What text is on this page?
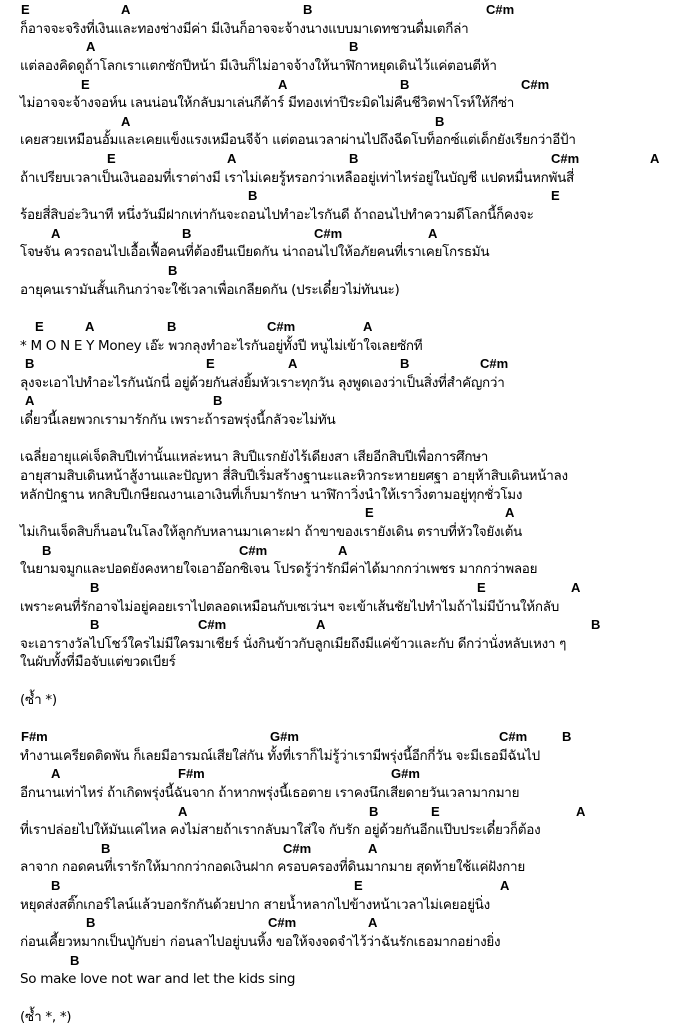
E	A	B	C#m
ก็อาจจะจริงที่เงินและทองช่างมีค่า มีเงินก็อาจจะจ้างนางแบบมาเดทชวนดื่มเตกีล่า
A	B
แต่ลองคิดดูถ้าโลกเราแตกซักปีหน้า มีเงินก็ไม่อาจจ้างให้นาฬิกาหยุดเดินไว้แค่ตอนตีห้า
E	A	B	C#m
ไม่อาจจะจ้างจอห์น เลนน่อนให้กลับมาเล่นกีต้าร์ มีทองเท่าปีระมิดไม่คืนชีวิตฟาโรห์ให้กีซ่า
A	B
เคยสวยเหมือนอั้มและเคยแข็งแรงเหมือนจีจ้า แต่ตอนเวลาผ่านไปถึงฉีดโบท็อกซ์แต่เด็กยังเรียกว่าอีป้า
E	A	B	C#m	A
ถ้าเปรียบเวลาเป็นเงินออมที่เราต่างมี เราไม่เคยรู้หรอกว่าเหลืออยู่เท่าไหร่อยู่ในบัญชี แปดหมื่นหกพันสี่
B	E
ร้อยสี่สิบอ่ะวินาที หนึ่งวันมีฝากเท่ากันจะถอนไปทำอะไรกันดี ถ้าถอนไปทำความดีโลกนี้ก็คงจะ
A	B	C#m	A
โจษจัน ควรถอนไปเอื้อเฟื้อคนที่ต้องยืนเบียดกัน น่าถอนไปให้อภัยคนที่เราเคยโกรธมัน
B
อายุคนเรามันสั้นเกินกว่าจะใช้เวลาเพื่อเกลียดกัน (ประเดี๋ยวไม่ทันนะ)
E	A	B	C#m	A
* M O N E Y Money เอ๊ะ พวกลุงทำอะไรกันอยู่ทั้งปี หนูไม่เข้าใจเลยซักที
B	E	A	B	C#m
ลุงจะเอาไปทำอะไรกันนักนี่ อยู่ด้วยกันส่งยิ้มหัวเราะทุกวัน ลุงพูดเองว่าเป็นสิ่งที่สำคัญกว่า
A	B
เดี๋ยวนี้เลยพวกเรามารักกัน เพราะถ้ารอพรุ่งนี้กลัวจะไม่ทัน
เฉลี่ยอายุแค่เจ็ดสิบปีเท่านั้นแหล่ะหนา สิบปีแรกยังไร้เดียงสา เสียอีกสิบปีเพื่อการศึกษา
อายุสามสิบเดินหน้าสู้งานและปัญหา สี่สิบปีเริ่มสร้างฐานะและหิวกระหายยศฐา อายุห้าสิบเดินหน้าลง
หลักปักฐาน หกสิบปีเกษียณงานเอาเงินที่เก็บมารักษา นาฬิกาวิ่งนำให้เราวิ่งตามอยู่ทุกชั่วโมง
E	A
ไม่เกินเจ็ดสิบก็นอนในโลงให้ลูกกับหลานมาเคาะฝา ถ้าขาของเรายังเดิน ตราบที่หัวใจยังเต้น
B	C#m	A
ในยามจมูกและปอดยังคงหายใจเอาอ๊อกซิเจน โปรดรู้ว่ารักมีค่าได้มากกว่าเพชร มากกว่าพลอย
B	E	A
เพราะคนที่รักอาจไม่อยู่คอยเราไปตลอดเหมือนกับเซเว่นฯ จะเข้าเส้นชัยไปทำไมถ้าไม่มีบ้านให้กลับ
B	C#m	A	B
จะเอารางวัลไปโชว์ใครไม่มีใครมาเชียร์ นั่งกินข้าวกับลูกเมียถึงมีแค่ข้าวและกับ ดีกว่านั่งหลับเหงา ๆ
ในผับทั้งที่มือจับแต่ขวดเบียร์
(ซ้ำ *)
F#m	G#m	C#m	B
ทำงานเครียดติดพัน ก็เลยมีอารมณ์เสียใส่กัน ทั้งที่เราก็ไม่รู้ว่าเรามีพรุ่งนี้อีกกี่วัน จะมีเธอมีฉันไป
A	F#m	G#m
อีกนานเท่าไหร่ ถ้าเกิดพรุ่งนี้ฉันจาก ถ้าหากพรุ่งนี้เธอตาย เราคงนึกเสียดายวันเวลามากมาย
A	B	E	A
ที่เราปล่อยไปให้มันแค่ไหล คงไม่สายถ้าเรากลับมาใส่ใจ กับรัก อยู่ด้วยกันอีกแป๊บประเดี๋ยวก็ต้อง
B	C#m	A
ลาจาก กอดคนที่เรารักให้มากกว่ากอดเงินฝาก ครอบครองที่ดินมากมาย สุดท้ายใช้แค่ฝังกาย
B	E	A
หยุดส่งสติ๊กเกอร์ไลน์แล้วบอกรักกันด้วยปาก สายน้ำหลากไปข้างหน้าเวลาไม่เคยอยู่นิ่ง
B	C#m	A
ก่อนเคี้ยวหมากเป็นปู่กับย่า ก่อนลาไปอยู่บนหิ้ง ขอให้จงจดจำไว้ว่าฉันรักเธอมากอย่างยิ่ง
B
So make love not war and let the kids sing
(ซ้ำ *, *)
